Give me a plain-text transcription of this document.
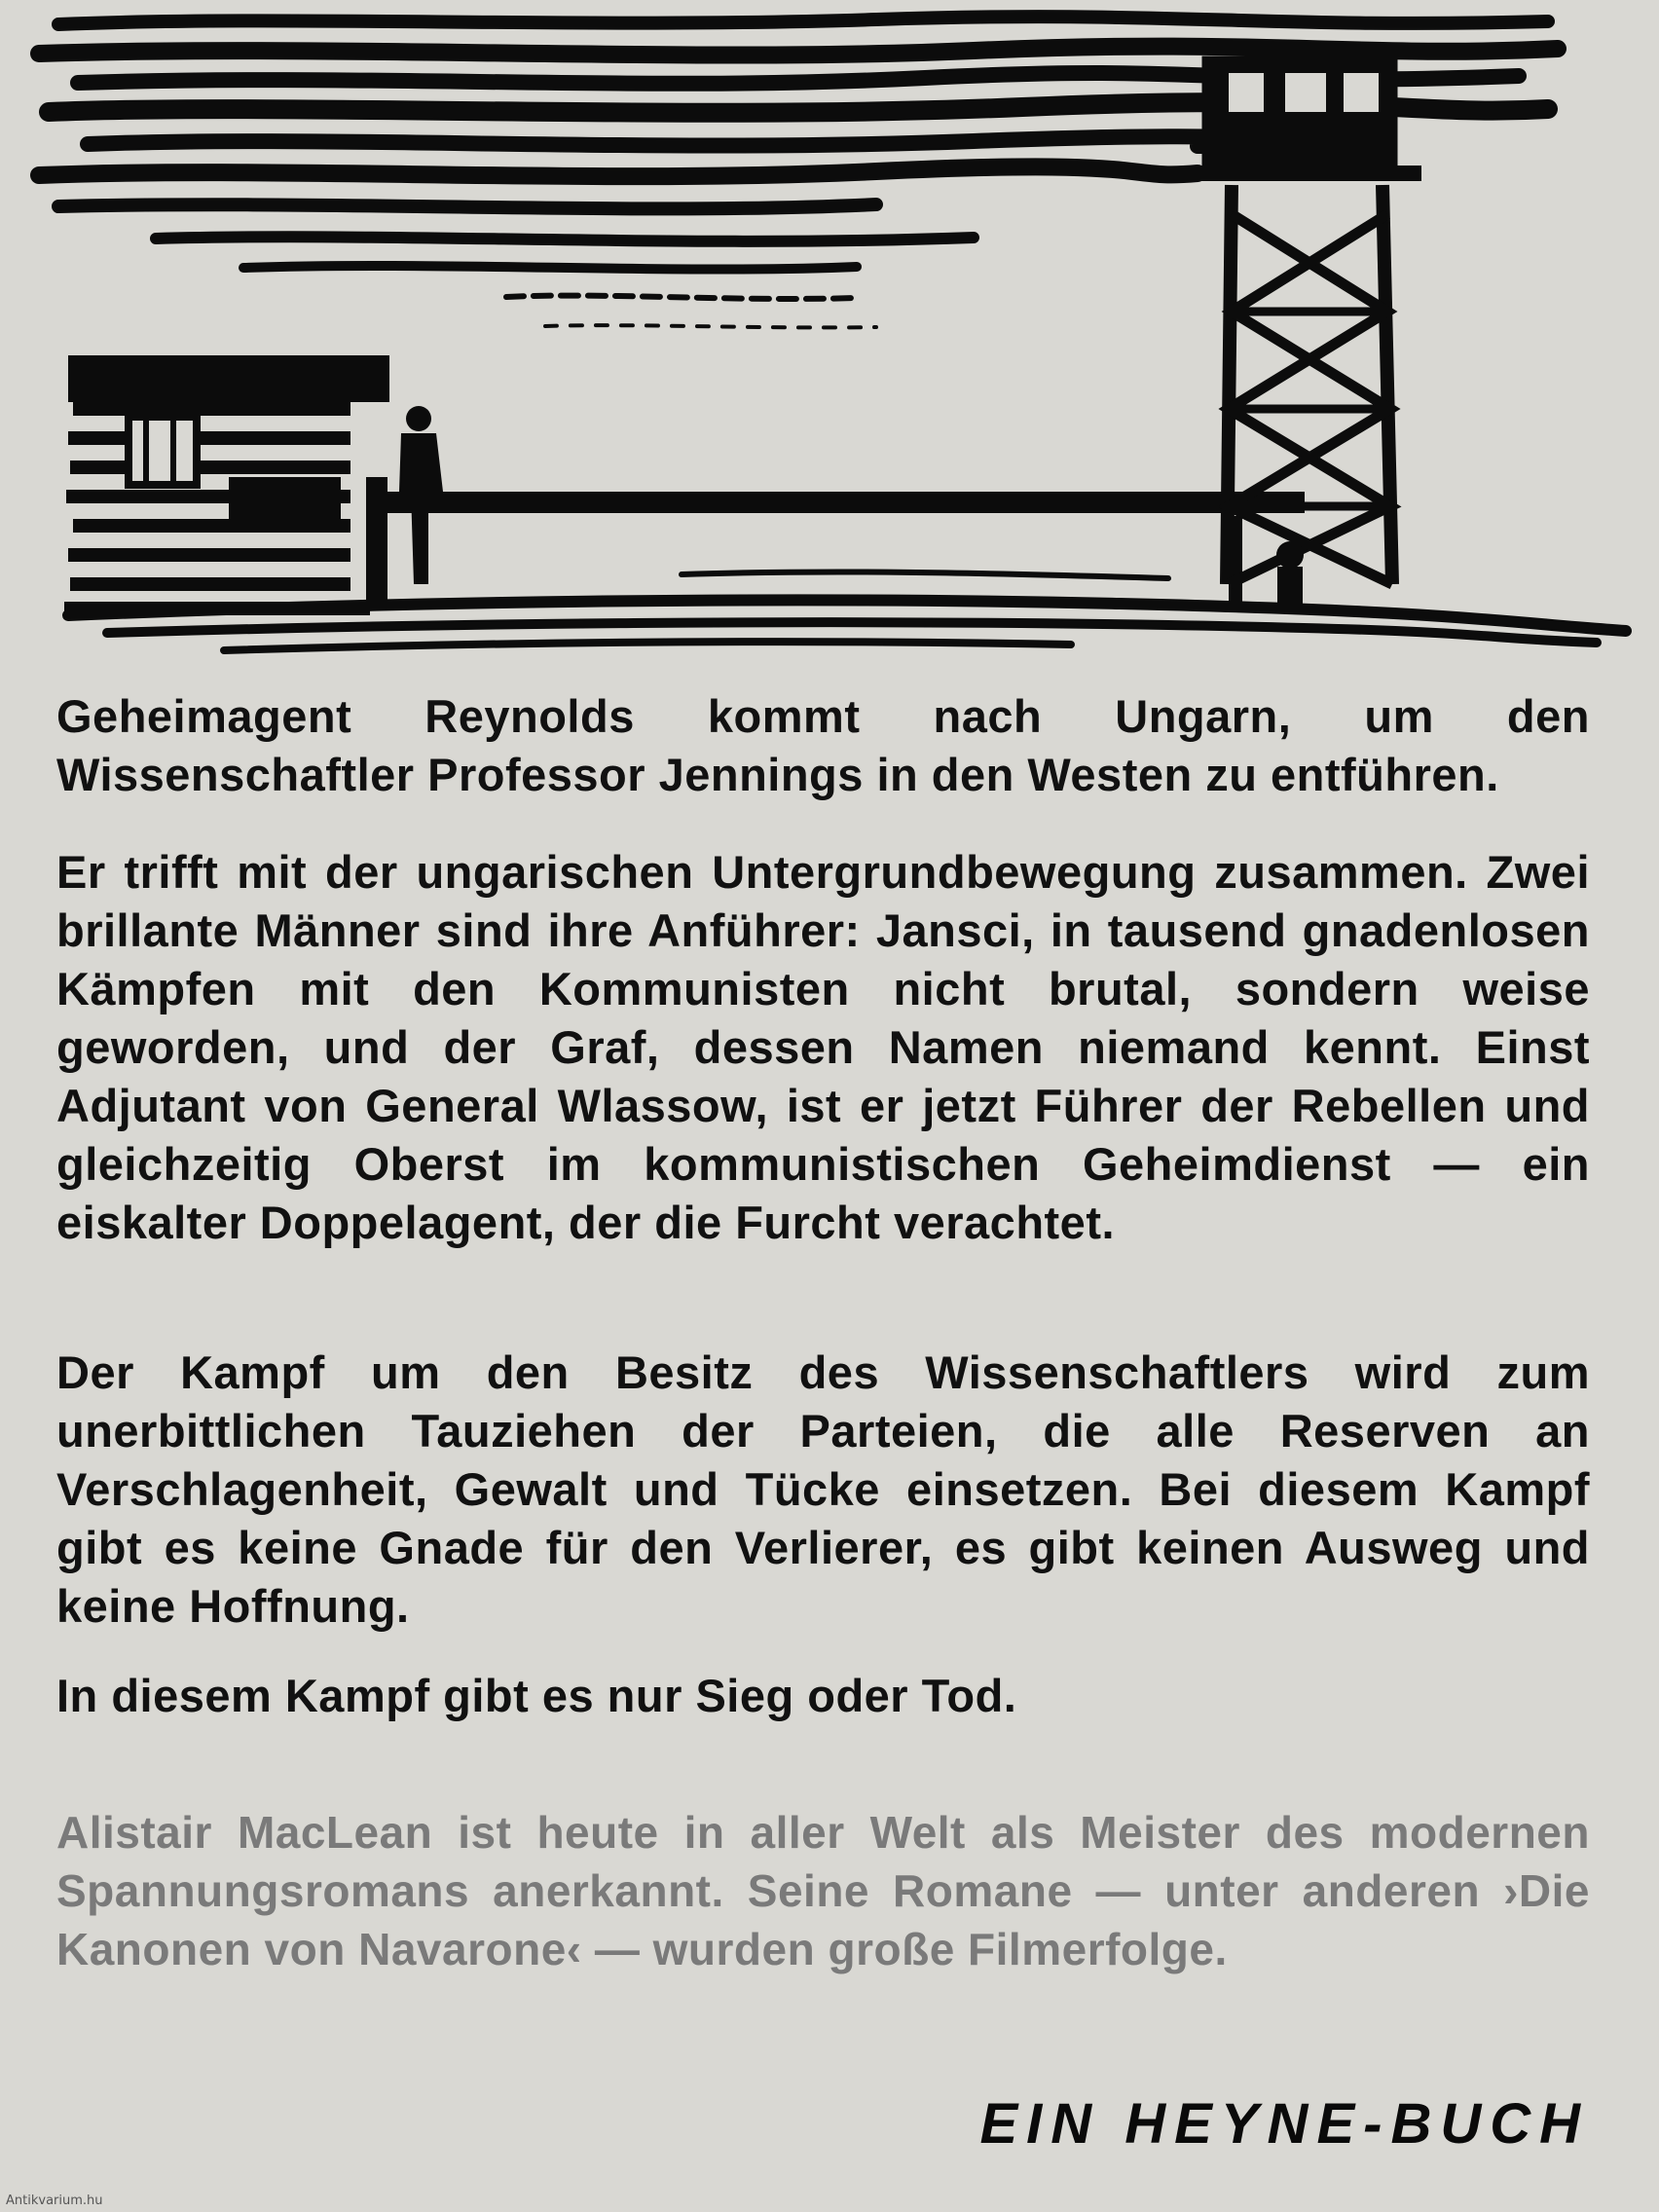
Geheimagent Reynolds kommt nach Ungarn, um den Wissenschaftler Professor Jennings in den Westen zu entführen.

Er trifft mit der ungarischen Untergrundbewegung zusammen. Zwei brillante Männer sind ihre Anführer: Jansci, in tausend gnadenlosen Kämpfen mit den Kommunisten nicht brutal, sondern weise geworden, und der Graf, dessen Namen niemand kennt. Einst Adjutant von General Wlassow, ist er jetzt Führer der Rebellen und gleichzeitig Oberst im kommunistischen Geheimdienst — ein eiskalter Doppelagent, der die Furcht verachtet.

Der Kampf um den Besitz des Wissenschaftlers wird zum unerbittlichen Tauziehen der Parteien, die alle Reserven an Verschlagenheit, Gewalt und Tücke einsetzen. Bei diesem Kampf gibt es keine Gnade für den Verlierer, es gibt keinen Ausweg und keine Hoffnung.

In diesem Kampf gibt es nur Sieg oder Tod.

Alistair MacLean ist heute in aller Welt als Meister des modernen Spannungsromans anerkannt. Seine Romane — unter anderen ›Die Kanonen von Navarone‹ — wurden große Filmerfolge.

EIN HEYNE-BUCH

Antikvarium.hu
